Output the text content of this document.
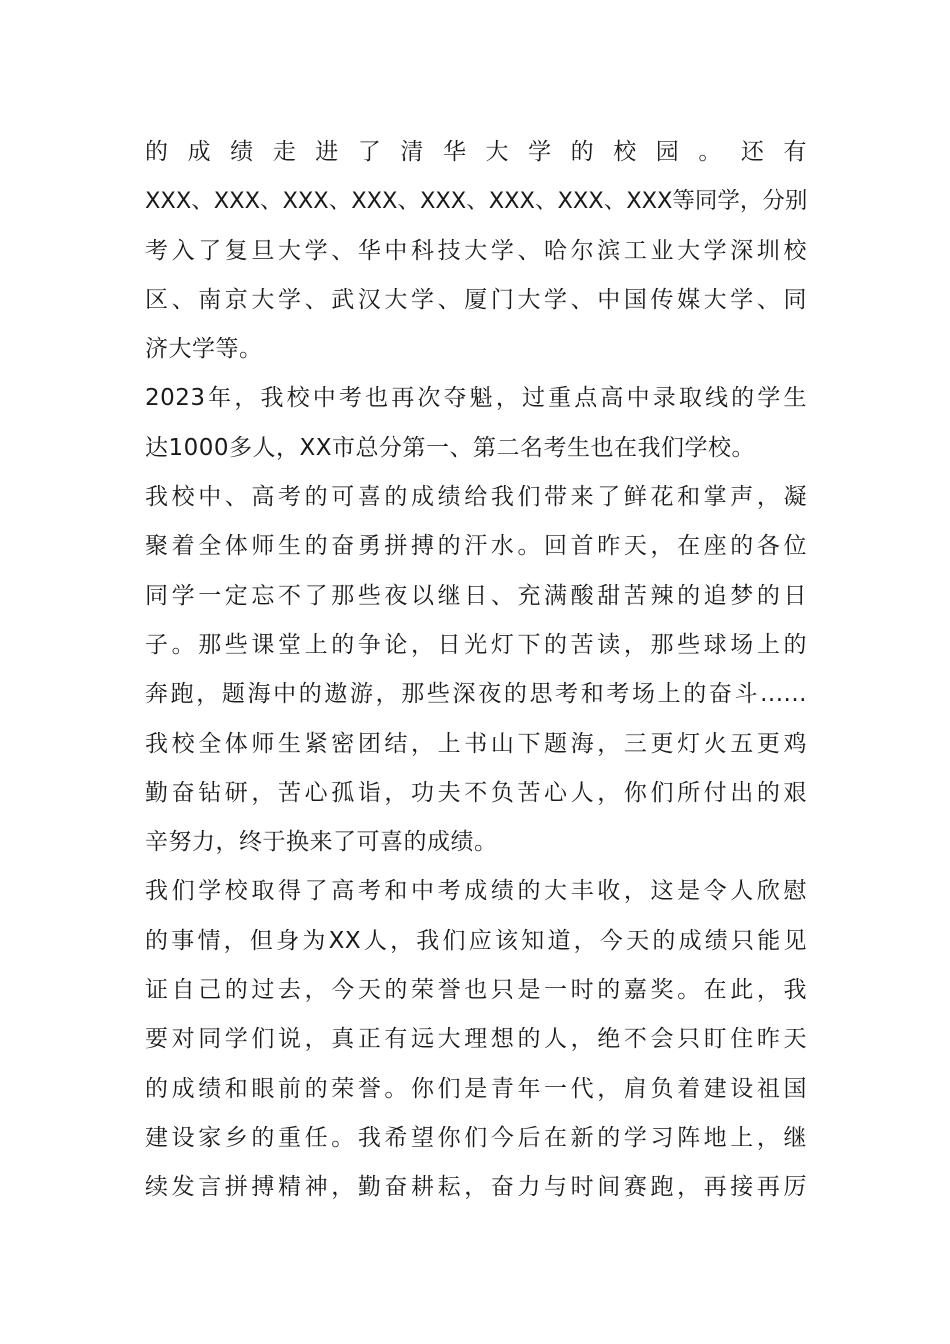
的成绩走进了清华大学的校园。还有
XXX、XXX、XXX、XXX、XXX、XXX、XXX、XXX等同学，分别
考入了复旦大学、华中科技大学、哈尔滨工业大学深圳校
区、南京大学、武汉大学、厦门大学、中国传媒大学、同
济大学等。
2023年，我校中考也再次夺魁，过重点高中录取线的学生
达1000多人，XX市总分第一、第二名考生也在我们学校。
我校中、高考的可喜的成绩给我们带来了鲜花和掌声，凝
聚着全体师生的奋勇拼搏的汗水。回首昨天，在座的各位
同学一定忘不了那些夜以继日、充满酸甜苦辣的追梦的日
子。那些课堂上的争论，日光灯下的苦读，那些球场上的
奔跑，题海中的遨游，那些深夜的思考和考场上的奋斗......
我校全体师生紧密团结，上书山下题海，三更灯火五更鸡
勤奋钻研，苦心孤诣，功夫不负苦心人，你们所付出的艰
辛努力，终于换来了可喜的成绩。
我们学校取得了高考和中考成绩的大丰收，这是令人欣慰
的事情，但身为XX人，我们应该知道，今天的成绩只能见
证自己的过去，今天的荣誉也只是一时的嘉奖。在此，我
要对同学们说，真正有远大理想的人，绝不会只盯住昨天
的成绩和眼前的荣誉。你们是青年一代，肩负着建设祖国
建设家乡的重任。我希望你们今后在新的学习阵地上，继
续发言拼搏精神，勤奋耕耘，奋力与时间赛跑，再接再厉
